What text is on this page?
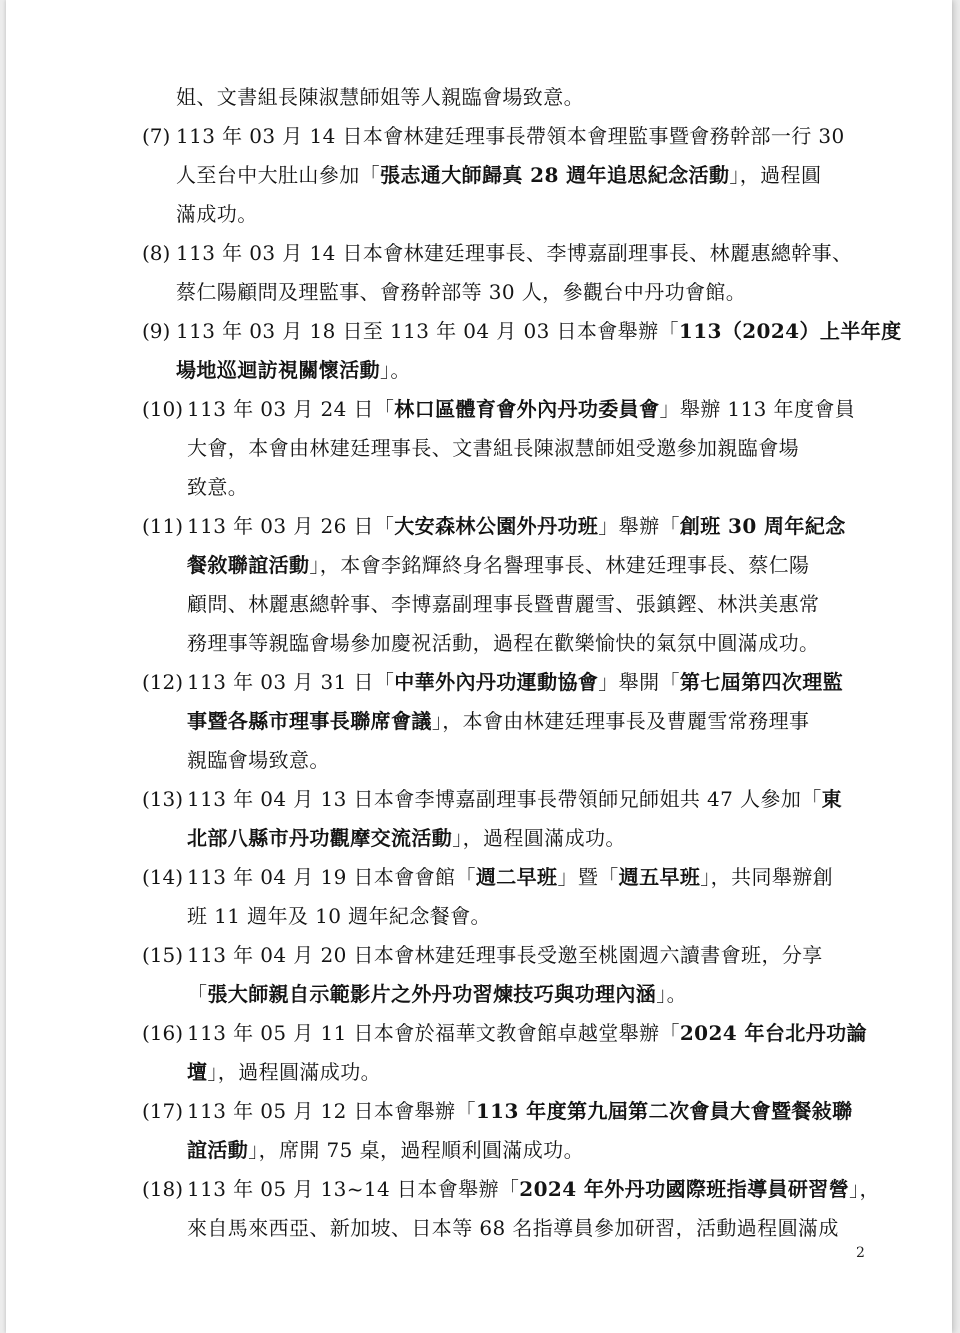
2
姐、文書組長陳淑慧師姐等人親臨會場致意。
(7) 113 年 03 月 14 日本會林建廷理事長帶領本會理監事暨會務幹部一行 30
人至台中大肚山參加「張志通大師歸真 28 週年追思紀念活動」，過程圓
滿成功。
(8) 113 年 03 月 14 日本會林建廷理事長、李博嘉副理事長、林麗惠總幹事、
蔡仁陽顧問及理監事、會務幹部等 30 人，參觀台中丹功會館。
(9) 113 年 03 月 18 日至 113 年 04 月 03 日本會舉辦「113（2024）上半年度
場地巡迴訪視關懷活動」。
(10) 113 年 03 月 24 日「林口區體育會外內丹功委員會」舉辦 113 年度會員
大會，本會由林建廷理事長、文書組長陳淑慧師姐受邀參加親臨會場
致意。
(11) 113 年 03 月 26 日「大安森林公園外丹功班」舉辦「創班 30 周年紀念
餐敘聯誼活動」，本會李銘輝終身名譽理事長、林建廷理事長、蔡仁陽
顧問、林麗惠總幹事、李博嘉副理事長暨曹麗雪、張鎮鏗、林洪美惠常
務理事等親臨會場參加慶祝活動，過程在歡樂愉快的氣氛中圓滿成功。
(12) 113 年 03 月 31 日「中華外內丹功運動協會」舉開「第七屆第四次理監
事暨各縣市理事長聯席會議」，本會由林建廷理事長及曹麗雪常務理事
親臨會場致意。
(13) 113 年 04 月 13 日本會李博嘉副理事長帶領師兄師姐共 47 人參加「東
北部八縣市丹功觀摩交流活動」，過程圓滿成功。
(14) 113 年 04 月 19 日本會會館「週二早班」暨「週五早班」，共同舉辦創
班 11 週年及 10 週年紀念餐會。
(15) 113 年 04 月 20 日本會林建廷理事長受邀至桃園週六讀書會班，分享
「張大師親自示範影片之外丹功習煉技巧與功理內涵」。
(16) 113 年 05 月 11 日本會於福華文教會館卓越堂舉辦「2024 年台北丹功論
壇」，過程圓滿成功。
(17) 113 年 05 月 12 日本會舉辦「113 年度第九屆第二次會員大會暨餐敍聯
誼活動」，席開 75 桌，過程順利圓滿成功。
(18) 113 年 05 月 13~14 日本會舉辦「2024 年外丹功國際班指導員研習營」，
來自馬來西亞、新加坡、日本等 68 名指導員參加研習，活動過程圓滿成
